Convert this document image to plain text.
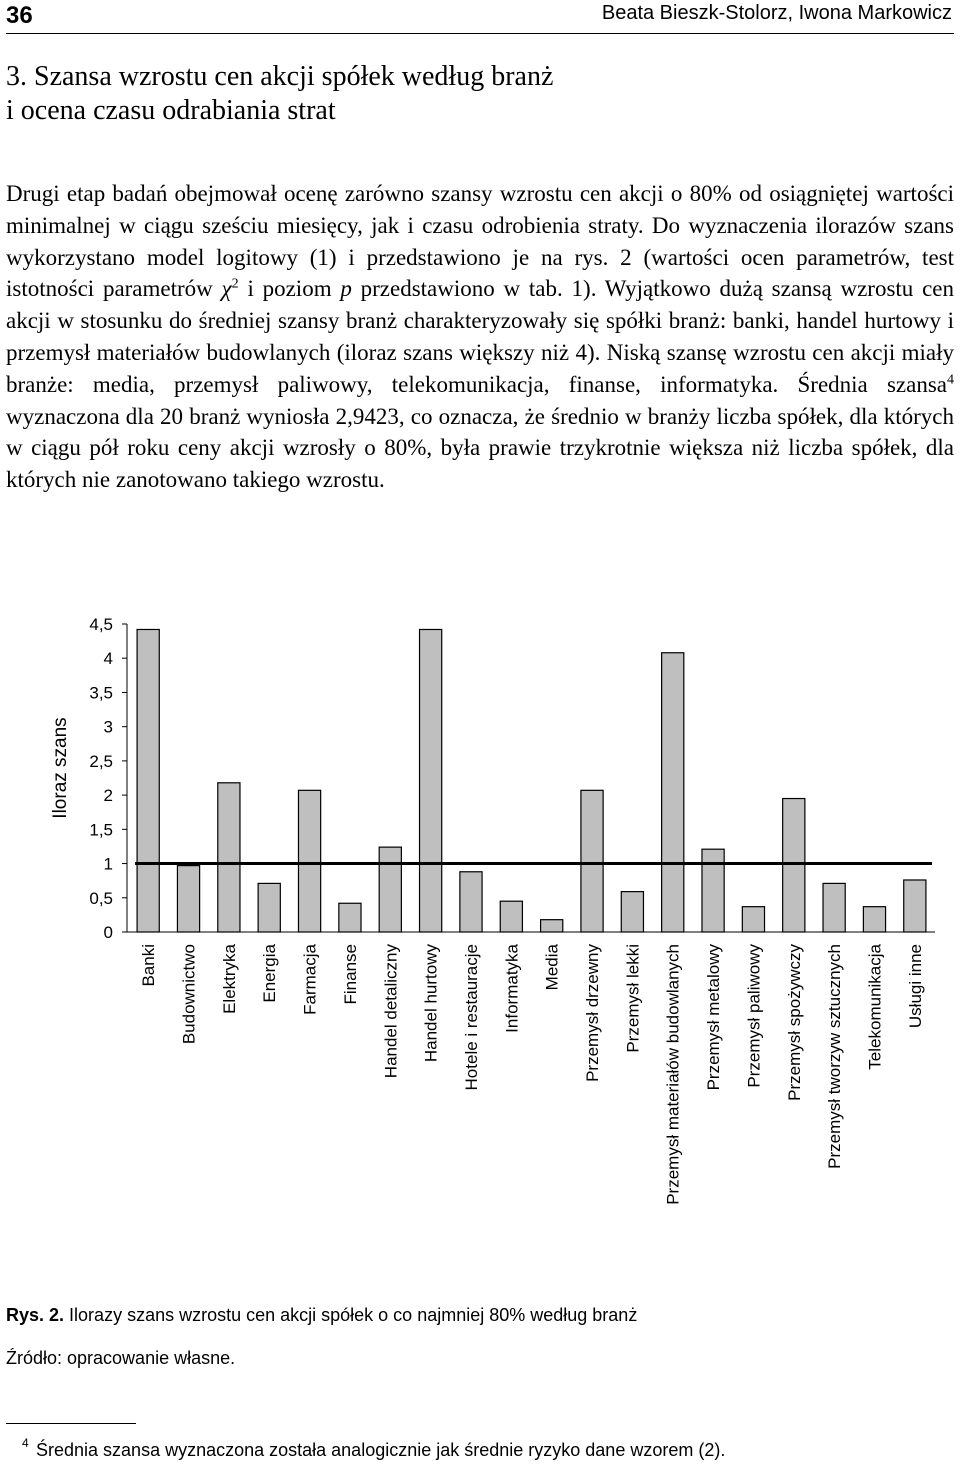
36	Beata Bieszk-Stolorz, Iwona Markowicz
3. Szansa wzrostu cen akcji spółek według branż
i ocena czasu odrabiania strat

Drugi etap badań obejmował ocenę zarówno szansy wzrostu cen akcji o 80% od osiągniętej wartości minimalnej w ciągu sześciu miesięcy, jak i czasu odrobienia straty. Do wyznaczenia ilorazów szans wykorzystano model logitowy (1) i przedstawiono je na rys. 2 (wartości ocen parametrów, test istotności parametrów $\chi^2$ i poziom p przedstawiono w tab. 1). Wyjątkowo dużą szansą wzrostu cen akcji w stosunku do średniej szansy branż charakteryzowały się spółki branż: banki, handel hurtowy i przemysł materiałów budowlanych (iloraz szans większy niż 4). Niską szansę wzrostu cen akcji miały branże: media, przemysł paliwowy, telekomunikacja, finanse, informatyka. Średnia szansa$^4$ wyznaczona dla 20 branż wyniosła 2,9423, co oznacza, że średnio w branży liczba spółek, dla których w ciągu pół roku ceny akcji wzrosły o 80%, była prawie trzykrotnie większa niż liczba spółek, dla których nie zanotowano takiego wzrostu.

0
0,5
1
1,5
2
2,5
3
3,5
4
4,5
Iloraz szans
Banki Budownictwo Elektryka Energia Farmacja Finanse Handel detaliczny Handel hurtowy Hotele i restauracje Informatyka Media Przemysł drzewny Przemysł lekki Przemysł materiałów budowlanych Przemysł metalowy Przemysł paliwowy Przemysł spożywczy Przemysł tworzyw sztucznych Telekomunikacja Usługi inne
Rys. 2. Ilorazy szans wzrostu cen akcji spółek o co najmniej 80% według branż
Źródło: opracowanie własne.
4 Średnia szansa wyznaczona została analogicznie jak średnie ryzyko dane wzorem (2).
